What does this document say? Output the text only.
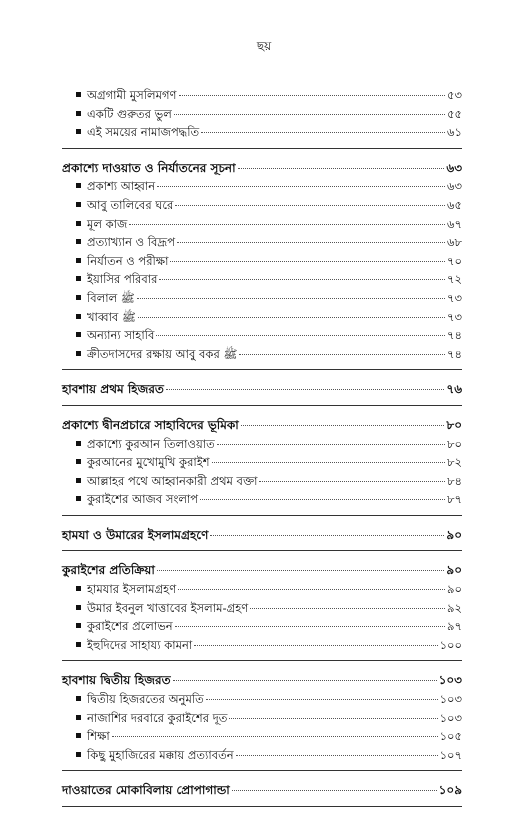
ছয়
অগ্রগামী মুসলিমগণ	৫৩
একটি গুরুতর ভুল	৫৫
এই সময়ের নামাজপদ্ধতি	৬১
প্রকাশ্যে দাওয়াত ও নির্যাতনের সূচনা	৬৩
প্রকাশ্য আহ্বান	৬৩
আবু তালিবের ঘরে	৬৫
মূল কাজ	৬৭
প্রত্যাখ্যান ও বিদ্রূপ	৬৮
নির্যাতন ও পরীক্ষা	৭০
ইয়াসির পরিবার	৭২
বিলাল ﷺ	৭৩
খাব্বাব ﷺ	৭৩
অন্যান্য সাহাবি	৭৪
ক্রীতদাসদের রক্ষায় আবু বকর ﷺ	৭৪
হাবশায় প্রথম হিজরত	৭৬
প্রকাশ্যে দ্বীনপ্রচারে সাহাবিদের ভূমিকা	৮০
প্রকাশ্যে কুরআন তিলাওয়াত	৮০
কুরআনের মুখোমুখি কুরাইশ	৮২
আল্লাহর পথে আহ্বানকারী প্রথম বক্তা	৮৪
কুরাইশের আজব সংলাপ	৮৭
হামযা ও উমারের ইসলামগ্রহণে	৯০
কুরাইশের প্রতিক্রিয়া	৯০
হামযার ইসলামগ্রহণ	৯০
উমার ইবনুল খাত্তাবের ইসলাম-গ্রহণ	৯২
কুরাইশের প্রলোভন	৯৭
ইহুদিদের সাহায্য কামনা	১০০
হাবশায় দ্বিতীয় হিজরত	১০৩
দ্বিতীয় হিজরতের অনুমতি	১০৩
নাজাশির দরবারে কুরাইশের দূত	১০৩
শিক্ষা	১০৫
কিছু মুহাজিরের মক্কায় প্রত্যাবর্তন	১০৭
দাওয়াতের মোকাবিলায় প্রোপাগান্ডা	১০৯
